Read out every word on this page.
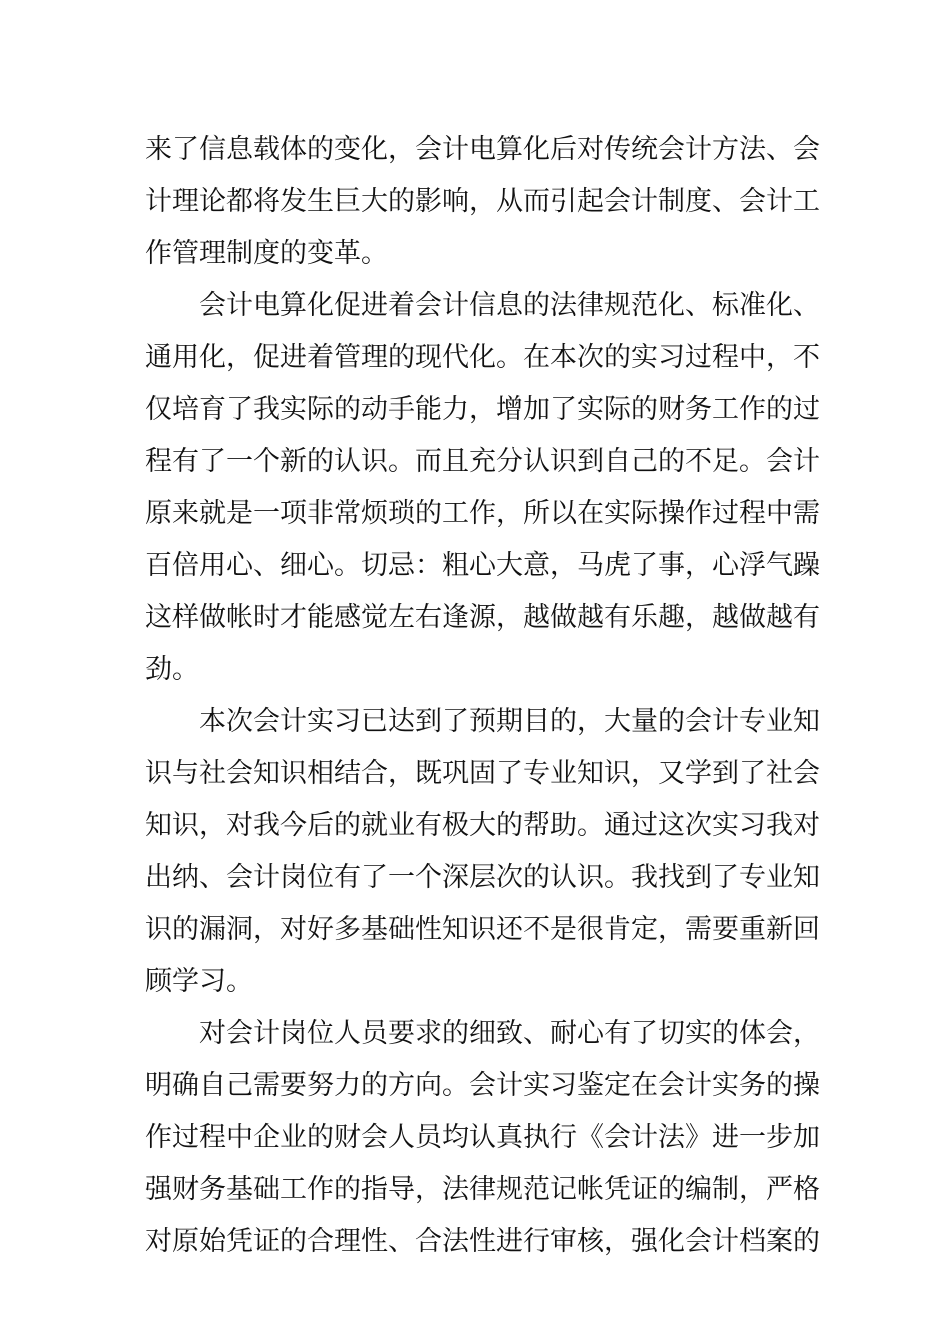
来了信息载体的变化，会计电算化后对传统会计方法、会
计理论都将发生巨大的影响，从而引起会计制度、会计工
作管理制度的变革。
会计电算化促进着会计信息的法律规范化、标准化、
通用化，促进着管理的现代化。在本次的实习过程中，不
仅培育了我实际的动手能力，增加了实际的财务工作的过
程有了一个新的认识。而且充分认识到自己的不足。会计
原来就是一项非常烦琐的工作，所以在实际操作过程中需
百倍用心、细心。切忌：粗心大意，马虎了事，心浮气躁
这样做帐时才能感觉左右逢源，越做越有乐趣，越做越有
劲。
本次会计实习已达到了预期目的，大量的会计专业知
识与社会知识相结合，既巩固了专业知识，又学到了社会
知识，对我今后的就业有极大的帮助。通过这次实习我对
出纳、会计岗位有了一个深层次的认识。我找到了专业知
识的漏洞，对好多基础性知识还不是很肯定，需要重新回
顾学习。
对会计岗位人员要求的细致、耐心有了切实的体会，
明确自己需要努力的方向。会计实习鉴定在会计实务的操
作过程中企业的财会人员均认真执行《会计法》进一步加
强财务基础工作的指导，法律规范记帐凭证的编制，严格
对原始凭证的合理性、合法性进行审核，强化会计档案的
